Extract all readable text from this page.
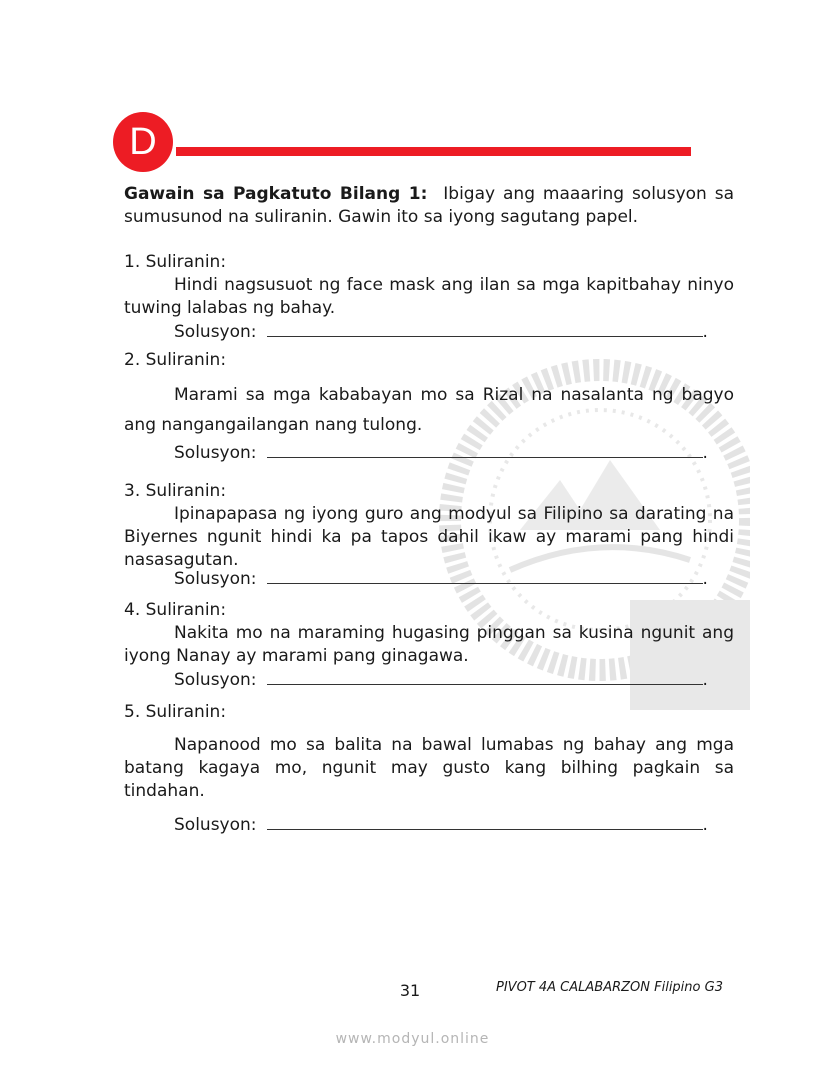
D
Gawain sa Pagkatuto Bilang 1: Ibigay ang maaaring solusyon sa sumusunod na suliranin. Gawin ito sa iyong sagutang papel.

1. Suliranin:

Hindi nagsusuot ng face mask ang ilan sa mga kapitbahay ninyo tuwing lalabas ng bahay.

Solusyon:	.

2. Suliranin:

Marami sa mga kababayan mo sa Rizal na nasalanta ng bagyo ang nangangailangan nang tulong.

Solusyon:	.

3. Suliranin:

Ipinapapasa ng iyong guro ang modyul sa Filipino sa darating na Biyernes ngunit hindi ka pa tapos dahil ikaw ay marami pang hindi nasasagutan.

Solusyon:	.

4. Suliranin:

Nakita mo na maraming hugasing pinggan sa kusina ngunit ang iyong Nanay ay marami pang ginagawa.

Solusyon:	.

5. Suliranin:

Napanood mo sa balita na bawal lumabas ng bahay ang mga batang kagaya mo, ngunit may gusto kang bilhing pagkain sa tindahan.

Solusyon:	.
31	PIVOT 4A CALABARZON Filipino G3
www.modyul.online
